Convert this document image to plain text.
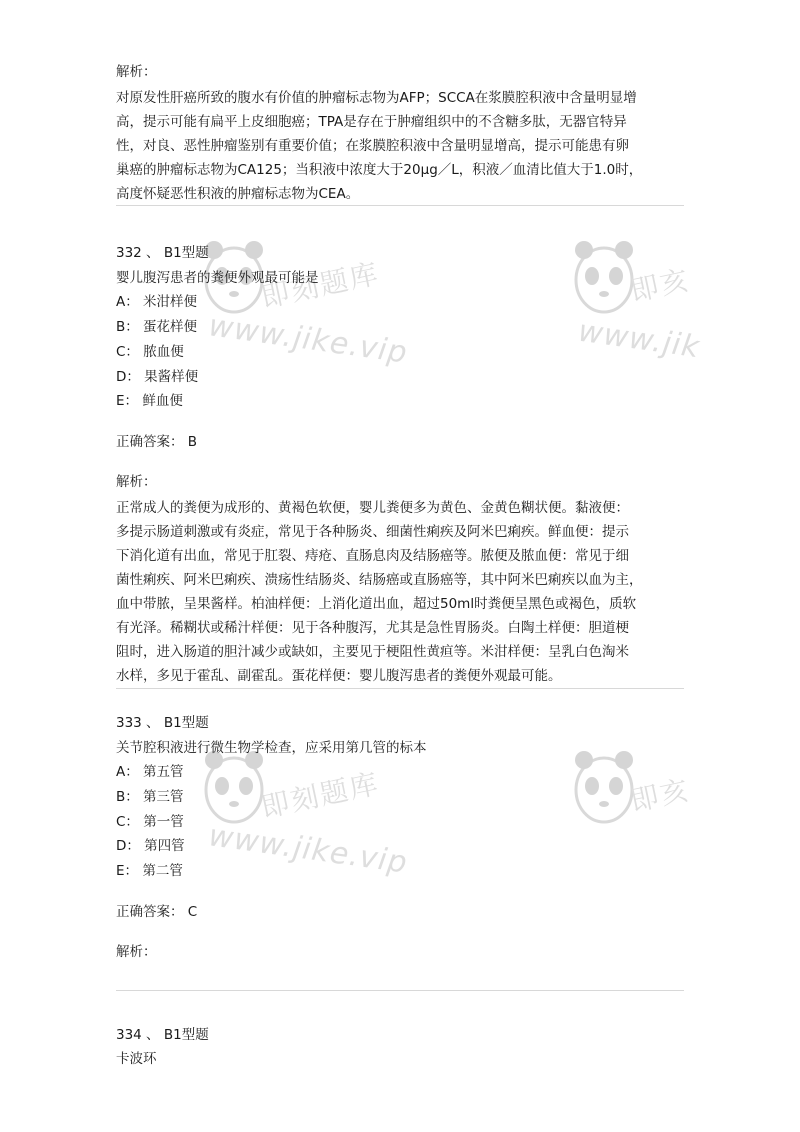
即刻题库
www.jike.vip
即亥
www.jik
即刻题库
www.jike.vip
即亥
解析：
对原发性肝癌所致的腹水有价值的肿瘤标志物为AFP；SCCA在浆膜腔积液中含量明显增
高，提示可能有扁平上皮细胞癌；TPA是存在于肿瘤组织中的不含糖多肽，无器官特异
性，对良、恶性肿瘤鉴别有重要价值；在浆膜腔积液中含量明显增高，提示可能患有卵
巢癌的肿瘤标志物为CA125；当积液中浓度大于20μg／L，积液／血清比值大于1.0时，
高度怀疑恶性积液的肿瘤标志物为CEA。
332 、 B1型题
婴儿腹泻患者的粪便外观最可能是
A： 米泔样便
B： 蛋花样便
C： 脓血便
D： 果酱样便
E： 鲜血便
正确答案： B
解析：
正常成人的粪便为成形的、黄褐色软便，婴儿粪便多为黄色、金黄色糊状便。黏液便：
多提示肠道刺激或有炎症，常见于各种肠炎、细菌性痢疾及阿米巴痢疾。鲜血便：提示
下消化道有出血，常见于肛裂、痔疮、直肠息肉及结肠癌等。脓便及脓血便：常见于细
菌性痢疾、阿米巴痢疾、溃疡性结肠炎、结肠癌或直肠癌等，其中阿米巴痢疾以血为主，
血中带脓，呈果酱样。柏油样便：上消化道出血，超过50ml时粪便呈黑色或褐色，质软
有光泽。稀糊状或稀汁样便：见于各种腹泻，尤其是急性胃肠炎。白陶土样便：胆道梗
阻时，进入肠道的胆汁减少或缺如，主要见于梗阻性黄疸等。米泔样便：呈乳白色淘米
水样，多见于霍乱、副霍乱。蛋花样便：婴儿腹泻患者的粪便外观最可能。
333 、 B1型题
关节腔积液进行微生物学检查，应采用第几管的标本
A： 第五管
B： 第三管
C： 第一管
D： 第四管
E： 第二管
正确答案： C
解析：
334 、 B1型题
卡波环
